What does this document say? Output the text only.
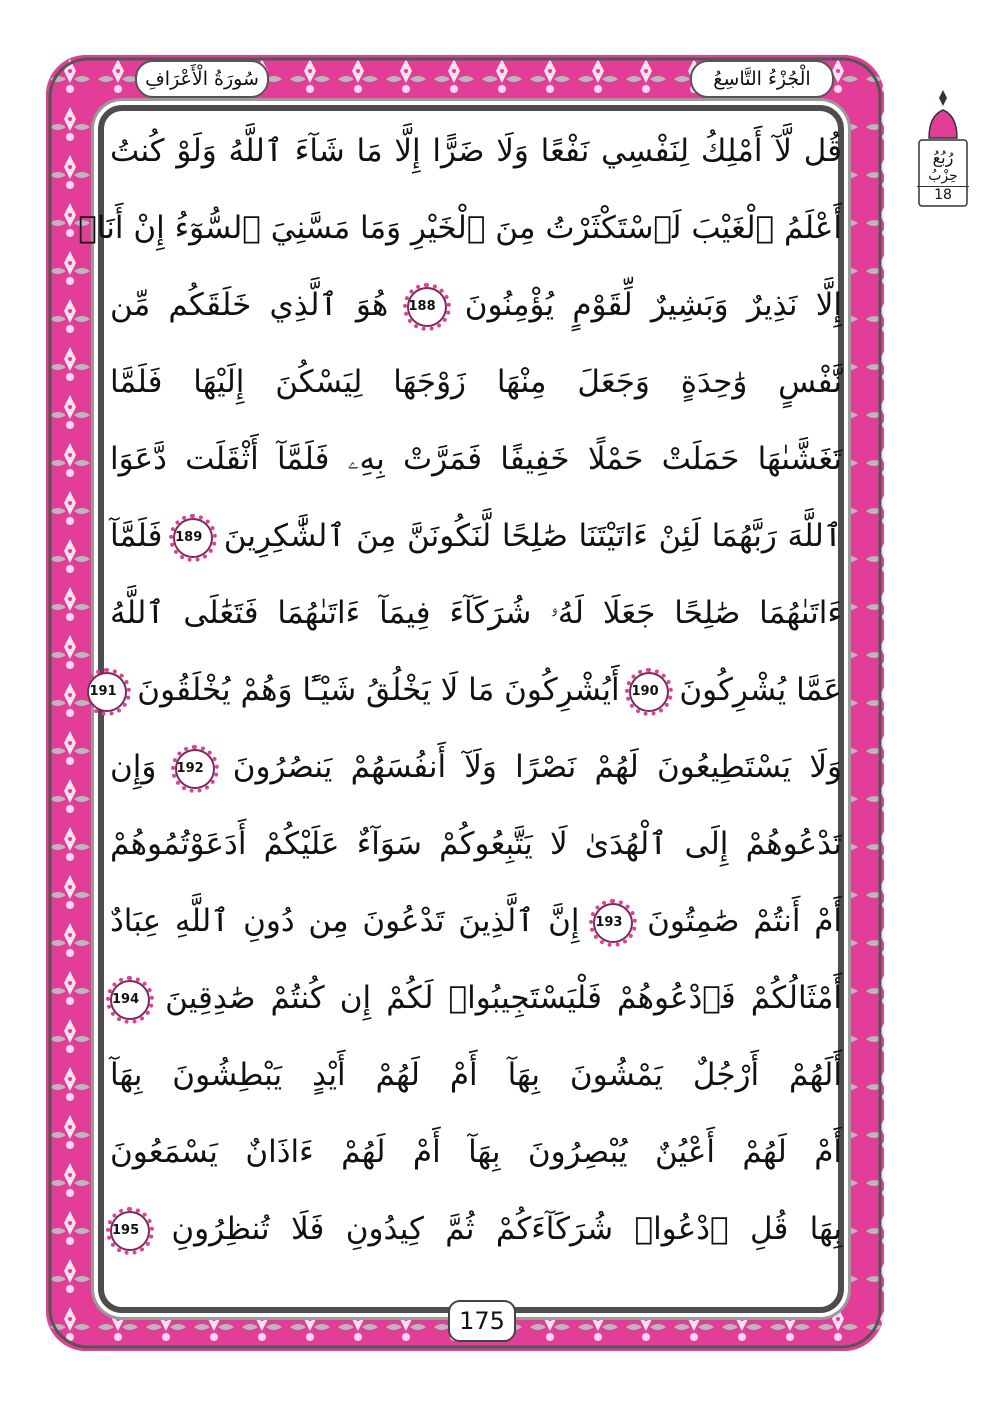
الْجُزْءُ التَّاسِعُ
سُورَةُ الْأَعْرَافِ
رُبُعُ
حِزْبُ
18
قُل لَّآ أَمْلِكُ لِنَفْسِي نَفْعًا وَلَا ضَرًّا إِلَّا مَا شَآءَ ٱللَّهُ وَلَوْ كُنتُ
أَعْلَمُ ٱلْغَيْبَ لَٱسْتَكْثَرْتُ مِنَ ٱلْخَيْرِ وَمَا مَسَّنِيَ ٱلسُّوٓءُ إِنْ أَنَا۠
إِلَّا نَذِيرٌ وَبَشِيرٌ لِّقَوْمٍ يُؤْمِنُونَ 188 هُوَ ٱلَّذِي خَلَقَكُم مِّن
نَّفْسٍ وَٰحِدَةٍ وَجَعَلَ مِنْهَا زَوْجَهَا لِيَسْكُنَ إِلَيْهَا فَلَمَّا
تَغَشَّىٰهَا حَمَلَتْ حَمْلًا خَفِيفًا فَمَرَّتْ بِهِۦ فَلَمَّآ أَثْقَلَت دَّعَوَا
ٱللَّهَ رَبَّهُمَا لَئِنْ ءَاتَيْتَنَا صَٰلِحًا لَّنَكُونَنَّ مِنَ ٱلشَّٰكِرِينَ 189 فَلَمَّآ
ءَاتَىٰهُمَا صَٰلِحًا جَعَلَا لَهُۥ شُرَكَآءَ فِيمَآ ءَاتَىٰهُمَا فَتَعَٰلَى ٱللَّهُ
عَمَّا يُشْرِكُونَ 190 أَيُشْرِكُونَ مَا لَا يَخْلُقُ شَيْـًٔا وَهُمْ يُخْلَقُونَ 191
وَلَا يَسْتَطِيعُونَ لَهُمْ نَصْرًا وَلَآ أَنفُسَهُمْ يَنصُرُونَ 192 وَإِن
تَدْعُوهُمْ إِلَى ٱلْهُدَىٰ لَا يَتَّبِعُوكُمْ سَوَآءٌ عَلَيْكُمْ أَدَعَوْتُمُوهُمْ
أَمْ أَنتُمْ صَٰمِتُونَ 193 إِنَّ ٱلَّذِينَ تَدْعُونَ مِن دُونِ ٱللَّهِ عِبَادٌ
أَمْثَالُكُمْ فَٱدْعُوهُمْ فَلْيَسْتَجِيبُوا۟ لَكُمْ إِن كُنتُمْ صَٰدِقِينَ 194
أَلَهُمْ أَرْجُلٌ يَمْشُونَ بِهَآ أَمْ لَهُمْ أَيْدٍ يَبْطِشُونَ بِهَآ
أَمْ لَهُمْ أَعْيُنٌ يُبْصِرُونَ بِهَآ أَمْ لَهُمْ ءَاذَانٌ يَسْمَعُونَ
بِهَا قُلِ ٱدْعُوا۟ شُرَكَآءَكُمْ ثُمَّ كِيدُونِ فَلَا تُنظِرُونِ 195
175
